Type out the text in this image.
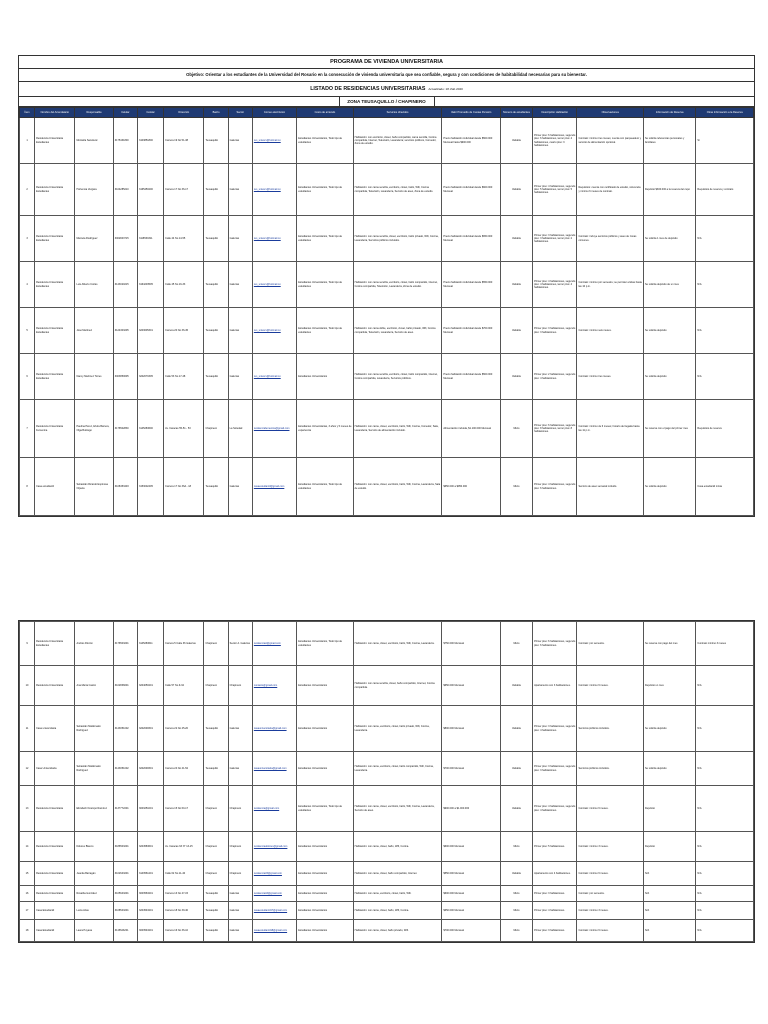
PROGRAMA DE VIVIENDA UNIVERSITARIA
Objetivo: Orientar a los estudiantes de la Universidad del Rosario en la consecución de vivienda universitaria que sea confiable, segura y con condiciones de habitabilidad necesarias para su bienestar.
LISTADO DE RESIDENCIAS UNIVERSITARIAS Actualizado: 18 d'ab 2020
ZONA TEUSAQUILLO / CHAPINERO
Ítem	Nombre del Arrendatario	Responsable	Celular	Celular	Dirección	Barrio	Sector	Correo electrónico	Costo de arriendo	Servicios ofrecidos	Valor Promedio de Cuotas Pensión	Número de estudiantes	Descripción Habitación	Observaciones	Información de Reserva	Otras Información a la Reserva
1	Residencia Universitaria Estudiantes	Montaña Sandoval	3175431800	3103851800	Carrera 19 No 51-38	Teusaquillo	Galerías	res_univers@hotmail.co	Estudiantes Universitarios, Todo tipo de estudiantes	Habitación: con escritorio, closet, baño compartido, cama sencilla, Cocina compartida, Internet, Televisión, Lavandería; servicios públicos, Comedor, Zona de estudio.	Precio habitación individual desde $500.000 Mensual hasta $900.000	Variable	Primer piso: 6 habitaciones, segundo piso: 6 habitaciones, tercer piso: 4 habitaciones, cuarto piso: 3 habitaciones.	Contrato: mínimo tres meses; cuenta con parqueadero y servicio de alimentación opcional.	Se solicita referencias personales y familiares	Sí
2	Residencia Universitaria Estudiantes	Hortensia Vergara	3104285210	3165450200	Carrera 17 No 36-17	Teusaquillo	Galerías	res_univers@hotmail.co	Estudiantes Universitarios, Todo tipo de estudiantes	Habitación: con cama sencilla, escritorio, closet, baño, Wifi, Cocina compartida, Televisión, Lavandería, Servicio de aseo, Zona de estudio.	Precio habitación individual desde $600.000 Mensual	Variable	Primer piso: 4 habitaciones, segundo piso: 5 habitaciones, tercer piso: 5 habitaciones.	Requisitos: cuenta con certificado de estudio, referencia y mínimo 6 meses de contrato.	Depósito $300.000 a la reserva del cupo	Requisitos de reserva y contrato
3	Residencia Universitaria Estudiantes	Marcela Rodríguez	3002843715	3118530311	Calle 44 No 14-55	Teusaquillo	Galerías	res_univers@hotmail.co	Estudiantes Universitarios, Todo tipo de estudiantes	Habitación: con cama sencilla, closet, escritorio, baño privado, Wifi, Cocina, Lavandería, Servicios públicos incluidos.	Precio habitación individual desde $650.000 Mensual	Variable	Primer piso: 3 habitaciones, segundo piso: 3 habitaciones, tercer piso: 2 habitaciones.	Contrato: incluye servicios públicos y aseo de zonas comunes.	Se solicita 1 mes de depósito	N/A
4	Residencia Universitaria Estudiantes	Luis Alberto Cortés	3143020215	3164203505	Calle 45 No 16-33	Teusaquillo	Galerías	res_univers@hotmail.co	Estudiantes Universitarios, Todo tipo de estudiantes	Habitación: con cama sencilla, escritorio, closet, baño compartido, Internet, Cocina compartida, Televisión, Lavandería, Zona de estudio.	Precio habitación individual desde $550.000 Mensual	Variable	Primer piso: 4 habitaciones, segundo piso: 4 habitaciones, tercer piso: 4 habitaciones.	Contrato: mínimo por semestre; se permiten visitas hasta las 10 p.m.	Se solicita depósito de un mes	N/A
5	Residencia Universitaria Estudiantes	José Martínez	3124303205	3203605301	Carrera 20 No 36-45	Teusaquillo	Galerías	res_univers@hotmail.co	Estudiantes Universitarios, Todo tipo de estudiantes	Habitación: con cama doble, escritorio, closet, baño privado, Wifi, Cocina compartida, Televisión, Lavandería, Servicio de aseo.	Precio habitación individual desde $700.000 Mensual	Variable	Primer piso: 3 habitaciones, segundo piso: 3 habitaciones.	Contrato: mínimo seis meses.	Se solicita depósito	N/A
6	Residencia Universitaria Estudiantes	Nancy Martínez Torres	3003850605	3202070305	Calle 53 No 17-48	Teusaquillo	Galerías	res_univers@hotmail.co	Estudiantes Universitarios	Habitación: con cama sencilla, escritorio, closet, baño compartido, Internet, Cocina compartida, Lavandería, Servicios públicos.	Precio habitación individual desde $500.000 Mensual	Variable	Primer piso: 2 habitaciones, segundo piso: 4 habitaciones.	Contrato: mínimo tres meses.	Se solicita depósito	N/A
7	Residencia Universitaria Femenina	Paulina Pérez, Elvira Barrera, Olga Buitrago	3176502830	3145283600	Av. Caracas 55-51 - 53	Chapinero	La Soledad	residenciafemenina@gmail.com	Estudiantes Universitarias, 3 años y 5 meses de experiencia	Habitación: con cama, closet, escritorio, baño, Wifi, Cocina, Comedor, Sala, Lavandería, Servicio de alimentación incluido.	Alimentación incluida, $1.100.000 Mensual	Mixto	Primer piso: 6 habitaciones, segundo piso: 8 habitaciones, tercer piso: 8 habitaciones.	Contrato: mínimo de 6 meses; horario de llegada hasta las 11 p.m.	Se reserva con el pago del primer mes	Requisitos de reserva
8	Casa estudiantil	Sebastián Ricardo Espinosa Orjuela	3108453403	3153002405	Carrera 17 No 36A - 18	Teusaquillo	Galerías	casaestudiantil@gmail.com	Estudiantes Universitarios, Todo tipo de estudiantes	Habitación: con cama, closet, escritorio, baño, Wifi, Cocina, Lavandería, Sala de estudio.	$650.000 a $950.000	Mixto	Primer piso: 4 habitaciones, segundo piso: 6 habitaciones.	Servicio de aseo semanal incluido.	Se solicita depósito	Casa estudiantil mixta
9	Residencia Universitaria Estudiantes	Andrés Rincón	3176503201	3145283611	Carrera 5 Calle 36 Galerías	Chapinero	Sector A. Galerías	residenciaA@gmail.com	Estudiantes Universitarios, Todo tipo de estudiantes	Habitación: con cama, closet, escritorio, baño, Wifi, Cocina, Lavandería.	$750.000 Mensual	Mixto	Primer piso: 6 habitaciones, segundo piso: 6 habitaciones.	Contrato: por semestre.	Se reserva con pago del mes	Contrato mínimo 3 meses
10	Residencia Universitaria	Ana María Castro	3102838201	3204050201	Calle 57 No 9-34	Chapinero	Chapinero	contacto@gmail.com	Estudiantes Universitarios	Habitación: con cama sencilla, closet, baño compartido, Internet, Cocina compartida.	$650.000 Mensual	Variable	Apartamento con 3 habitaciones.	Contrato: mínimo 6 meses.	Depósito un mes	N/A
11	Casa universitaria	Sebastián Maldonado Rodríguez	3143051002	3202048301	Carrera 22 No 45-20	Teusaquillo	Galerías	casauniversitaria@gmail.com	Estudiantes Universitarios	Habitación: con cama, escritorio, closet, baño privado, Wifi, Cocina, Lavandería.	$800.000 Mensual	Variable	Primer piso: 3 habitaciones, segundo piso: 4 habitaciones.	Servicios públicos incluidos.	Se solicita depósito	N/A
12	Casa Universitaria	Sebastián Maldonado Rodríguez	3143051002	3202048301	Carrera 24 No 41-52	Teusaquillo	Galerías	casauniversitaria@gmail.com	Estudiantes Universitarios	Habitación: con cama, escritorio, closet, baño compartido, Wifi, Cocina, Lavandería.	$700.000 Mensual	Variable	Primer piso: 3 habitaciones, segundo piso: 3 habitaciones.	Servicios públicos incluidos.	Se solicita depósito	N/A
13	Residencia Universitaria	Elizabeth Ocampo Ramírez	3137772201	3003251001	Carrera 15 No 60-17	Chapinero	Chapinero	residencia@gmail.com	Estudiantes Universitarios, Todo tipo de estudiantes	Habitación: con cama, closet, escritorio, baño, Wifi, Cocina, Lavandería, Servicio de aseo.	$900.000 a $1.000.000	Variable	Primer piso: 4 habitaciones, segundo piso: 4 habitaciones.	Contrato: mínimo 6 meses.	Depósito	N/A
14	Residencia Universitaria	Dolores Blanco	3186503201	3204583601	Av. Caracas 63 N° 13-15	Chapinero	Chapinero	residenciadolores@gmail.com	Estudiantes Universitarios	Habitación: con cama, closet, baño, Wifi, Cocina.	$600.000 Mensual	Mixto	Primer piso: 5 habitaciones.	Contrato: mínimo 3 meses.	Depósito	N/A
15	Residencia Universitaria	Juanita Barragán	3102643201	3143561201	Calle 62 No 11-40	Chapinero	Chapinero	residencia15@gmail.com	Estudiantes Universitarios	Habitación: con cama, closet, baño compartido, Internet.	$550.000 Mensual	Variable	Apartamento con 4 habitaciones.	Contrato: mínimo 6 meses.	N/A	N/A
16	Residencia Universitaria	Rosalba González	3105643201	3003563201	Carrera 13 No 47-15	Teusaquillo	Galerías	residencia16@gmail.com	Estudiantes Universitarios	Habitación: con cama, escritorio, closet, baño, Wifi.	$600.000 Mensual	Mixto	Primer piso: 3 habitaciones.	Contrato: por semestre.	N/A	N/A
17	Casa Estudiantil	Lucía Arias	3108543201	3204543201	Carrera 18 No 39-40	Teusaquillo	Galerías	casaestudiantil17@gmail.com	Estudiantes Universitarios	Habitación: con cama, closet, baño, Wifi, Cocina.	$650.000 Mensual	Mixto	Primer piso: 4 habitaciones.	Contrato: mínimo 3 meses.	N/A	N/A
18	Casa Estudiantil	Laura Puyana	3115643201	3003543201	Carrera 16 No 36-10	Teusaquillo	Galerías	casaestudiantil18@gmail.com	Estudiantes Universitarios	Habitación: con cama, closet, baño privado, Wifi.	$700.000 Mensual	Mixto	Primer piso: 3 habitaciones.	Contrato: mínimo 6 meses.	N/A	N/A
